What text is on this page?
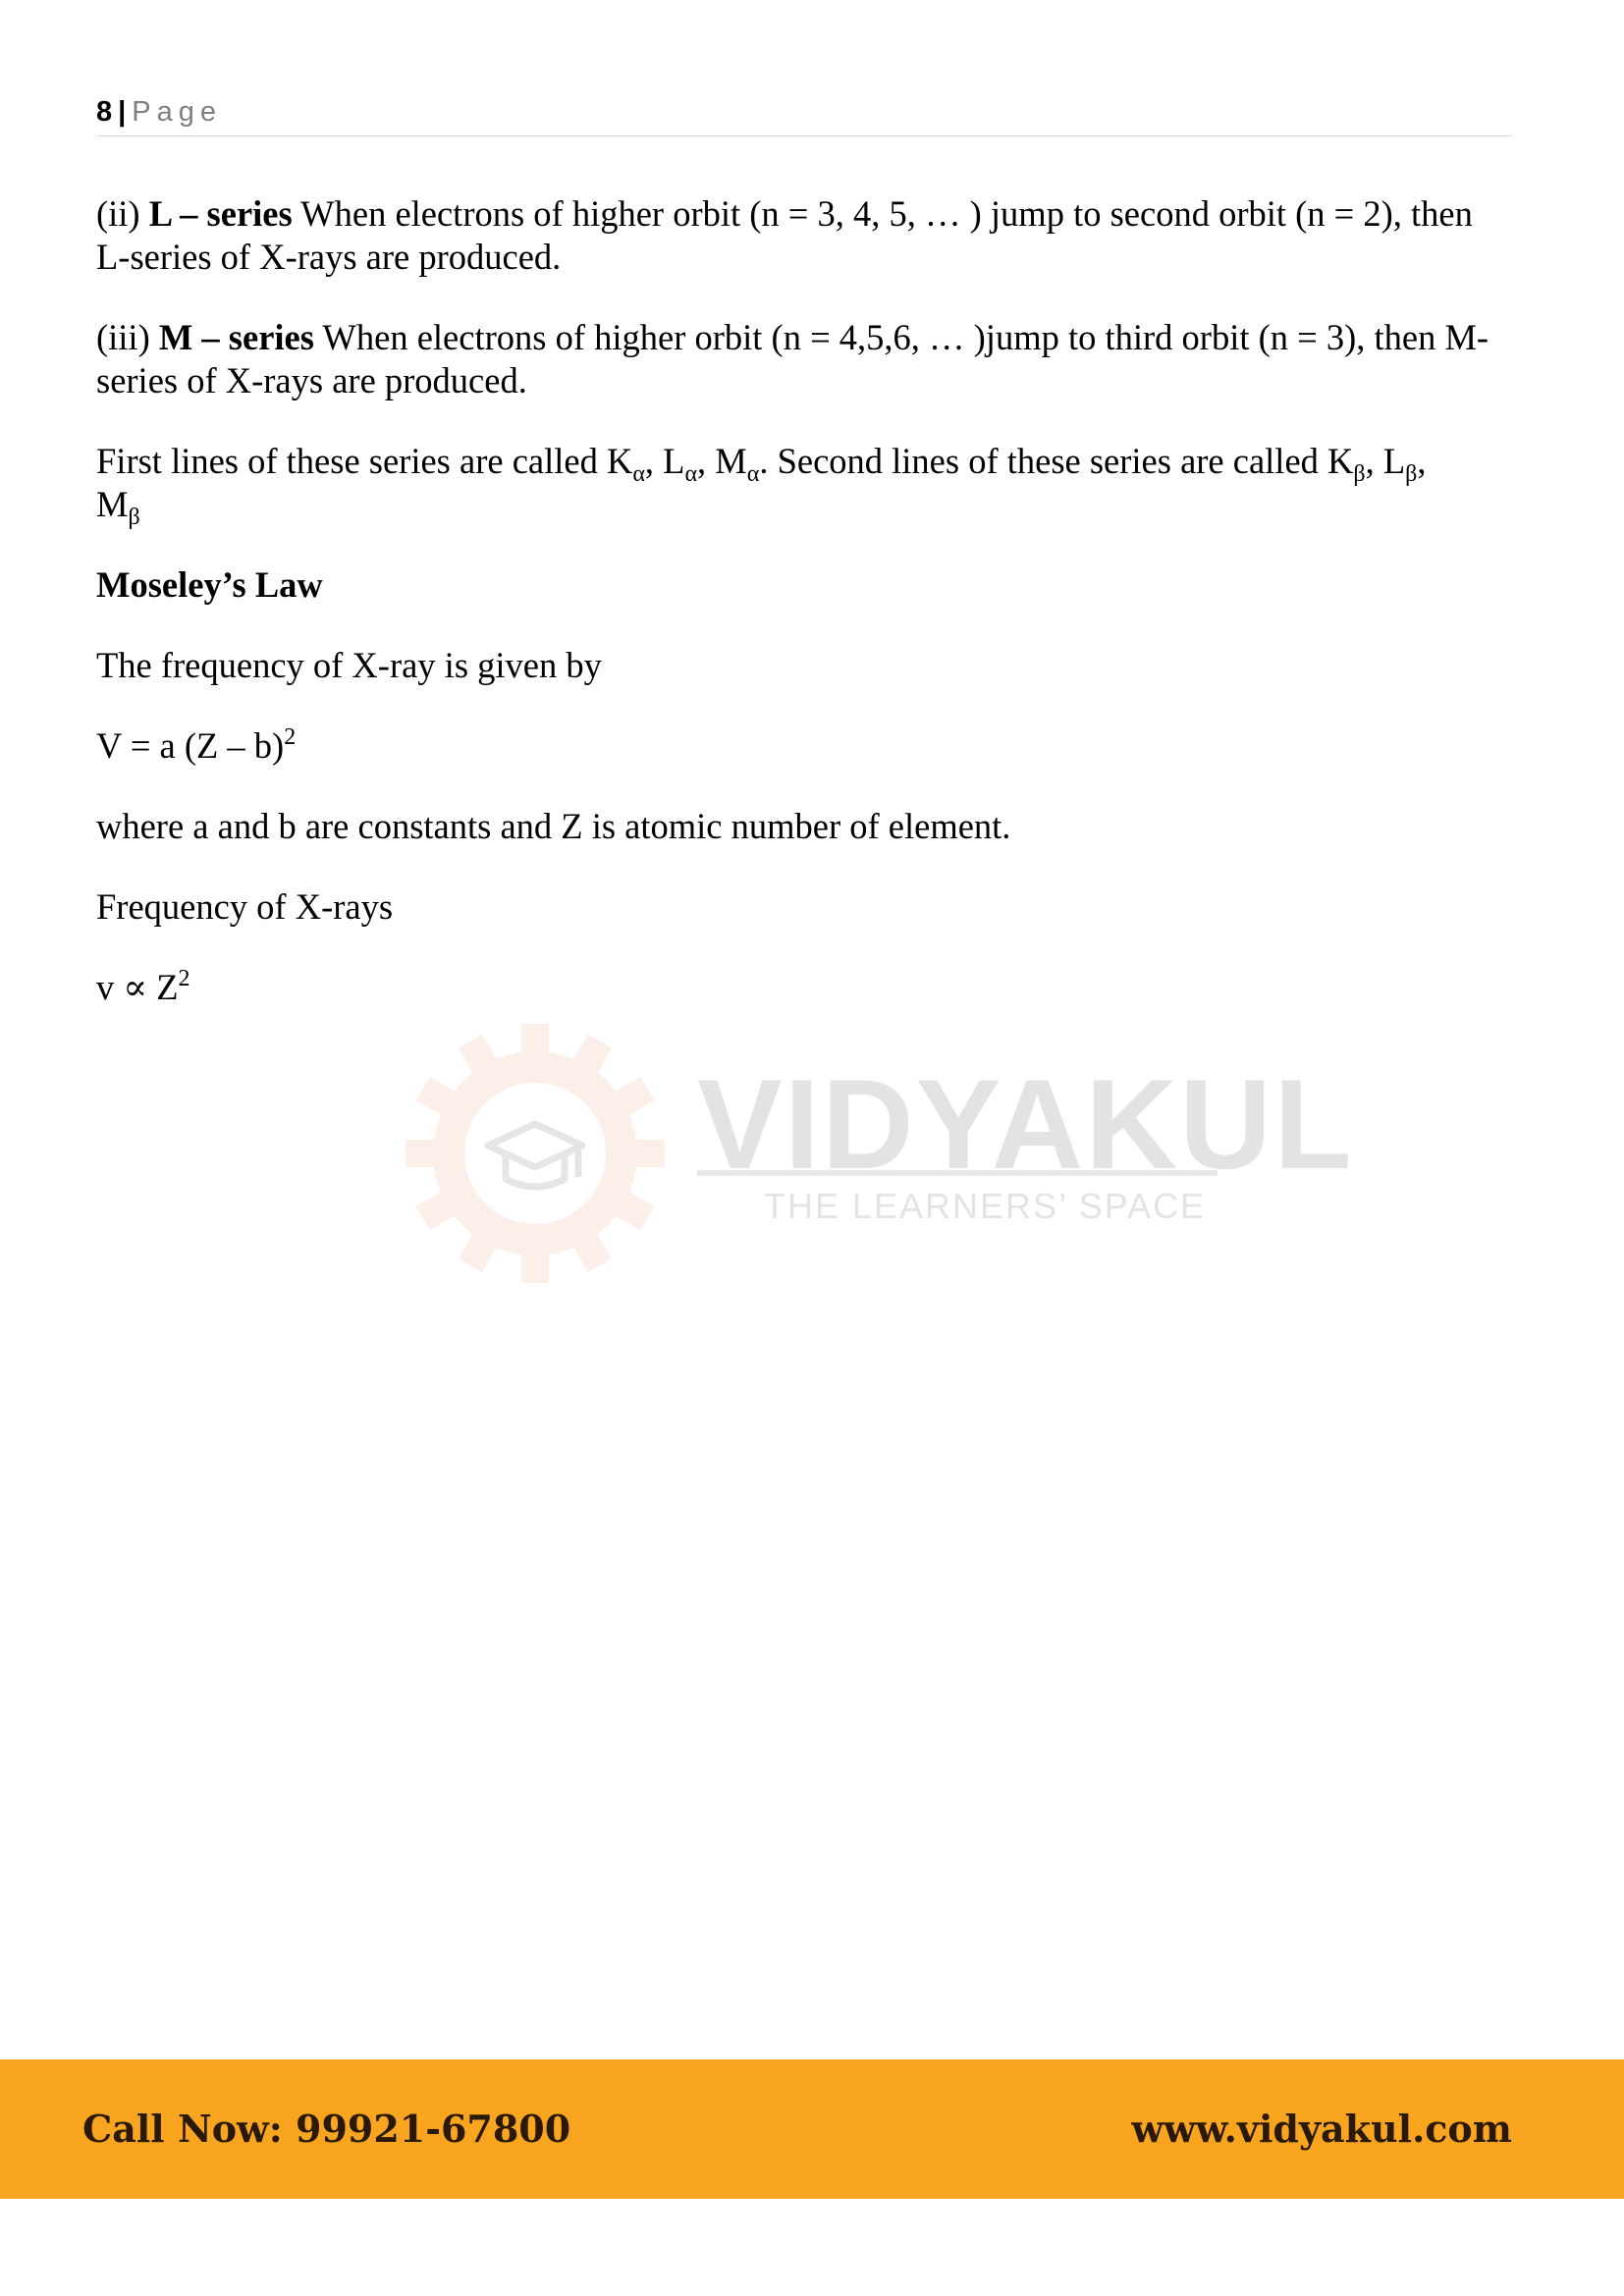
8 | Page

(ii) L – series When electrons of higher orbit (n = 3, 4, 5, … ) jump to second orbit (n = 2), then L-series of X-rays are produced.

(iii) M – series When electrons of higher orbit (n = 4,5,6, … )jump to third orbit (n = 3), then M-series of X-rays are produced.

First lines of these series are called $K_\alpha$, $L_\alpha$, $M_\alpha$. Second lines of these series are called $K_\beta$, $L_\beta$,
$M_\beta$

Moseley’s Law

The frequency of X-ray is given by

V = a (Z – b)$^2$

where a and b are constants and Z is atomic number of element.

Frequency of X-rays

$v \propto Z^2$

VIDYAKUL
THE LEARNERS’ SPACE
Call Now: 99921-67800	www.vidyakul.com
